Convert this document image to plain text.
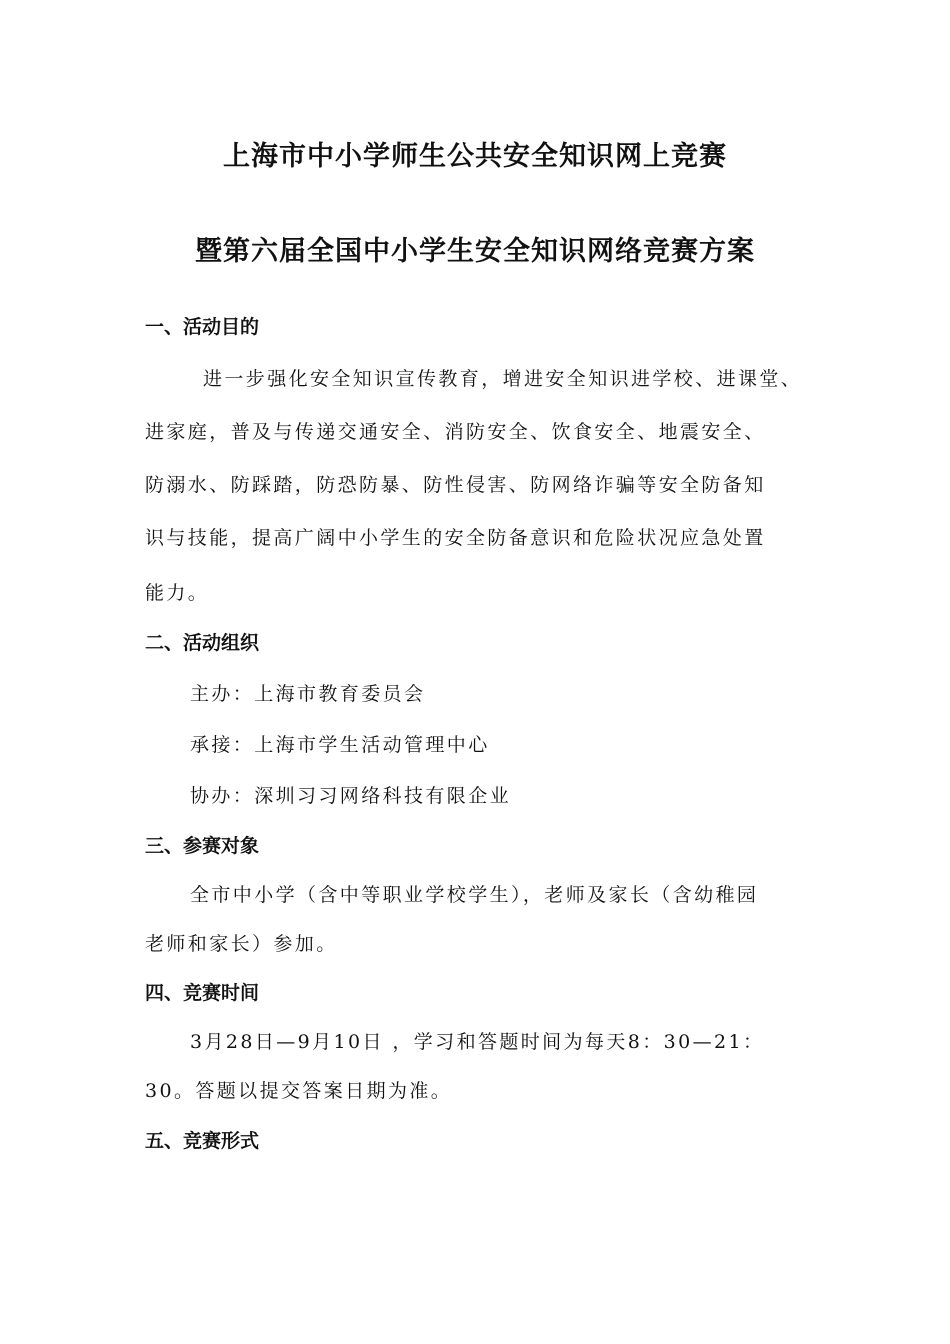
上海市中小学师生公共安全知识网上竞赛
暨第六届全国中小学生安全知识网络竞赛方案
一、活动目的
进一步强化安全知识宣传教育，增进安全知识进学校、进课堂、
进家庭，普及与传递交通安全、消防安全、饮食安全、地震安全、
防溺水、防踩踏，防恐防暴、防性侵害、防网络诈骗等安全防备知
识与技能，提高广阔中小学生的安全防备意识和危险状况应急处置
能力。
二、活动组织
主办：上海市教育委员会
承接：上海市学生活动管理中心
协办：深圳习习网络科技有限企业
三、参赛对象
全市中小学（含中等职业学校学生），老师及家长（含幼稚园
老师和家长）参加。
四、竞赛时间
3月28日—9月10日 ，学习和答题时间为每天8：30—21：
30。答题以提交答案日期为准。
五、竞赛形式
